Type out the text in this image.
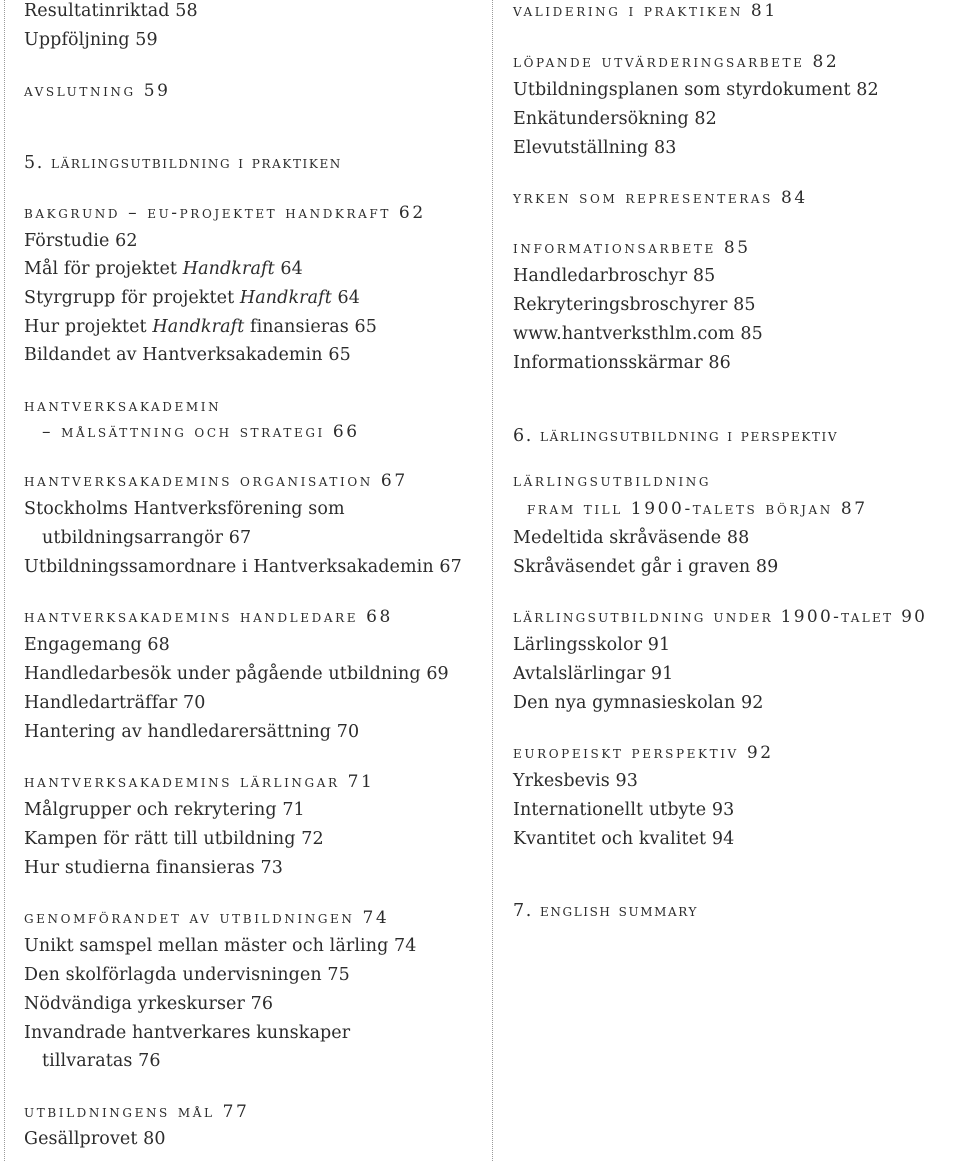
Resultatinriktad 58
Uppföljning 59
avslutning 59
5. lärlingsutbildning i praktiken
bakgrund – eu-projektet handkraft 62
Förstudie 62
Mål för projektet Handkraft 64
Styrgrupp för projektet Handkraft 64
Hur projektet Handkraft finansieras 65
Bildandet av Hantverksakademin 65
hantverksakademin
– målsättning och strategi 66
hantverksakademins organisation 67
Stockholms Hantverksförening som
utbildningsarrangör 67
Utbildningssamordnare i Hantverksakademin 67
hantverksakademins handledare 68
Engagemang 68
Handledarbesök under pågående utbildning 69
Handledarträffar 70
Hantering av handledarersättning 70
hantverksakademins lärlingar 71
Målgrupper och rekrytering 71
Kampen för rätt till utbildning 72
Hur studierna finansieras 73
genomförandet av utbildningen 74
Unikt samspel mellan mäster och lärling 74
Den skolförlagda undervisningen 75
Nödvändiga yrkeskurser 76
Invandrade hantverkares kunskaper
tillvaratas 76
utbildningens mål 77
Gesällprovet 80
validering i praktiken 81
löpande utvärderingsarbete 82
Utbildningsplanen som styrdokument 82
Enkätundersökning 82
Elevutställning 83
yrken som representeras 84
informationsarbete 85
Handledarbroschyr 85
Rekryteringsbroschyrer 85
www.hantverksthlm.com 85
Informationsskärmar 86
6. lärlingsutbildning i perspektiv
lärlingsutbildning
fram till 1900-talets början 87
Medeltida skråväsende 88
Skråväsendet går i graven 89
lärlingsutbildning under 1900-talet 90
Lärlingsskolor 91
Avtalslärlingar 91
Den nya gymnasieskolan 92
europeiskt perspektiv 92
Yrkesbevis 93
Internationellt utbyte 93
Kvantitet och kvalitet 94
7. english summary
